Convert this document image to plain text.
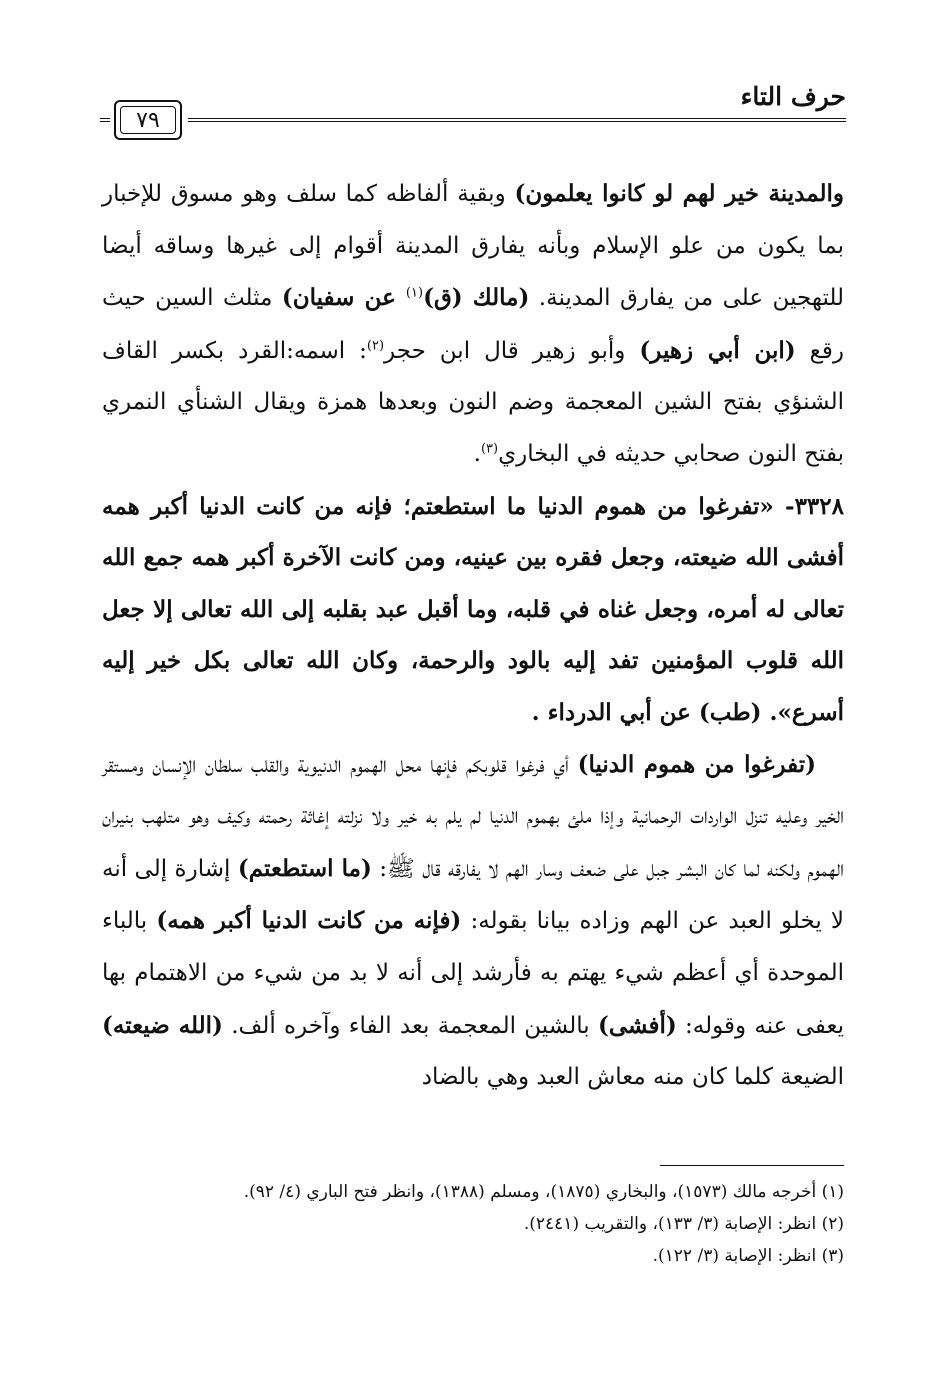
حرف التاء
٧٩

والمدينة خير لهم لو كانوا يعلمون) وبقية ألفاظه كما سلف وهو مسوق للإخبار بما يكون من علو الإسلام وبأنه يفارق المدينة أقوام إلى غيرها وساقه أيضا للتهجين على من يفارق المدينة. (مالك (ق)$^{(١)}$ عن سفيان) مثلث السين حيث رقع (ابن أبي زهير) وأبو زهير قال ابن حجر$^{(٢)}$: اسمه:القرد بكسر القاف الشنؤي بفتح الشين المعجمة وضم النون وبعدها همزة ويقال الشنأي النمري بفتح النون صحابي حديثه في البخاري$^{(٣)}$.

٣٣٢٨- «تفرغوا من هموم الدنيا ما استطعتم؛ فإنه من كانت الدنيا أكبر همه أفشى الله ضيعته، وجعل فقره بين عينيه، ومن كانت الآخرة أكبر همه جمع الله تعالى له أمره، وجعل غناه في قلبه، وما أقبل عبد بقلبه إلى الله تعالى إلا جعل الله قلوب المؤمنين تفد إليه بالود والرحمة، وكان الله تعالى بكل خير إليه أسرع». (طب) عن أبي الدرداء .

(تفرغوا من هموم الدنيا) أي فرغوا قلوبكم فإنها محل الهموم الدنيوية والقلب سلطان الإنسان ومستقر الخير وعليه تنزل الواردات الرحمانية وإذا ملئ بهموم الدنيا لم يلم به خير ولا نزلته إغاثة رحمته وكيف وهو متلهب بنيران الهموم ولكنه لما كان البشر جبل على ضعف وسار الهم لا يفارقه قال ﷺ: (ما استطعتم) إشارة إلى أنه لا يخلو العبد عن الهم وزاده بيانا بقوله: (فإنه من كانت الدنيا أكبر همه) بالباء الموحدة أي أعظم شيء يهتم به فأرشد إلى أنه لا بد من شيء من الاهتمام بها يعفى عنه وقوله: (أفشى) بالشين المعجمة بعد الفاء وآخره ألف. (الله ضيعته) الضيعة كلما كان منه معاش العبد وهي بالضاد

(١) أخرجه مالك (١٥٧٣)، والبخاري (١٨٧٥)، ومسلم (١٣٨٨)، وانظر فتح الباري (٤/ ٩٢).

(٢) انظر: الإصابة (٣/ ١٣٣)، والتقريب (٢٤٤١).

(٣) انظر: الإصابة (٣/ ١٢٢).
